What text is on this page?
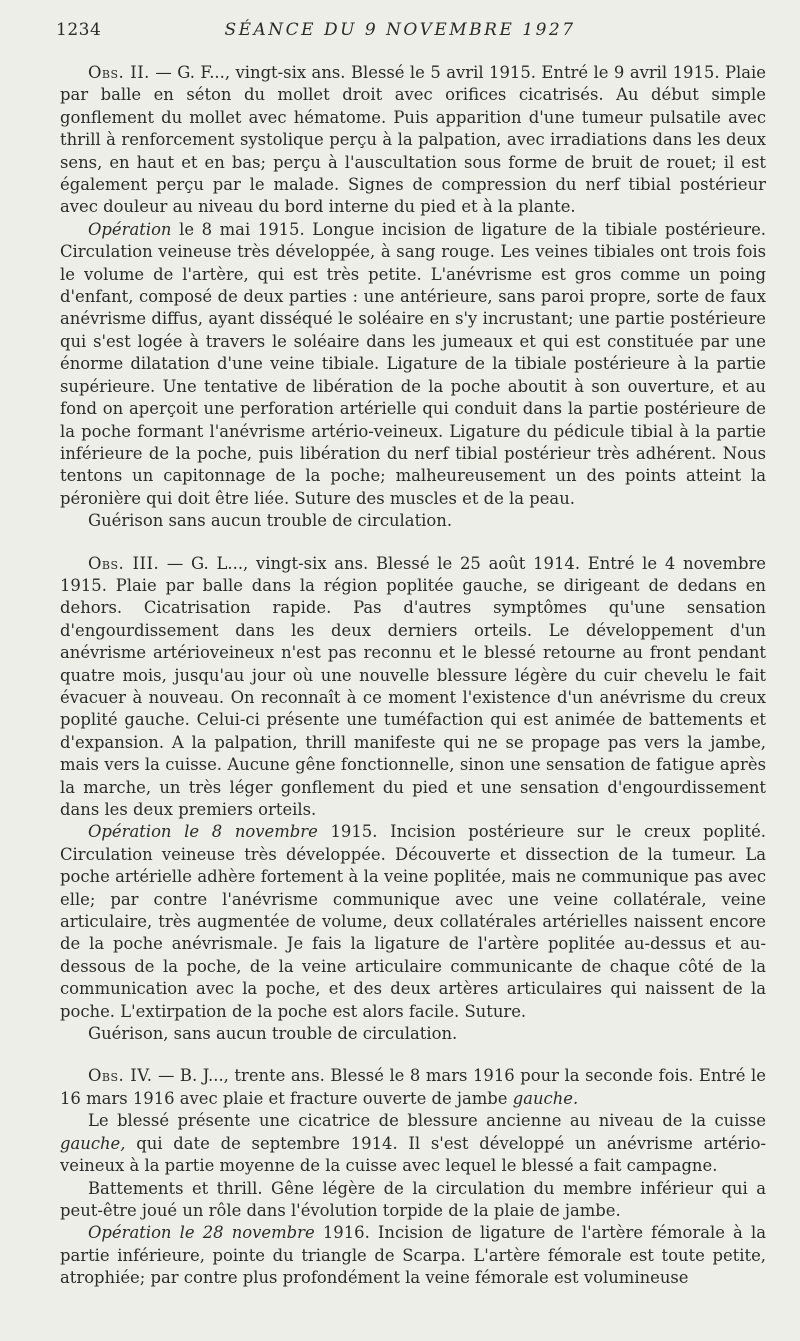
1234	SÉANCE DU 9 NOVEMBRE 1927

Obs. II. — G. F..., vingt-six ans. Blessé le 5 avril 1915. Entré le 9 avril 1915. Plaie par balle en séton du mollet droit avec orifices cicatrisés. Au début simple gonflement du mollet avec hématome. Puis apparition d'une tumeur pulsatile avec thrill à renforcement systolique perçu à la palpation, avec irradiations dans les deux sens, en haut et en bas; perçu à l'auscultation sous forme de bruit de rouet; il est également perçu par le malade. Signes de compression du nerf tibial postérieur avec douleur au niveau du bord interne du pied et à la plante.

Opération le 8 mai 1915. Longue incision de ligature de la tibiale postérieure. Circulation veineuse très développée, à sang rouge. Les veines tibiales ont trois fois le volume de l'artère, qui est très petite. L'anévrisme est gros comme un poing d'enfant, composé de deux parties : une antérieure, sans paroi propre, sorte de faux anévrisme diffus, ayant disséqué le soléaire en s'y incrustant; une partie postérieure qui s'est logée à travers le soléaire dans les jumeaux et qui est constituée par une énorme dilatation d'une veine tibiale. Ligature de la tibiale postérieure à la partie supérieure. Une tentative de libération de la poche aboutit à son ouverture, et au fond on aperçoit une perforation artérielle qui conduit dans la partie postérieure de la poche formant l'anévrisme artério-veineux. Ligature du pédicule tibial à la partie inférieure de la poche, puis libération du nerf tibial postérieur très adhérent. Nous tentons un capitonnage de la poche; malheureusement un des points atteint la péronière qui doit être liée. Suture des muscles et de la peau.

Guérison sans aucun trouble de circulation.

Obs. III. — G. L..., vingt-six ans. Blessé le 25 août 1914. Entré le 4 novembre 1915. Plaie par balle dans la région poplitée gauche, se dirigeant de dedans en dehors. Cicatrisation rapide. Pas d'autres symptômes qu'une sensation d'engourdissement dans les deux derniers orteils. Le développement d'un anévrisme artérioveineux n'est pas reconnu et le blessé retourne au front pendant quatre mois, jusqu'au jour où une nouvelle blessure légère du cuir chevelu le fait évacuer à nouveau. On reconnaît à ce moment l'existence d'un anévrisme du creux poplité gauche. Celui-ci présente une tuméfaction qui est animée de battements et d'expansion. A la palpation, thrill manifeste qui ne se propage pas vers la jambe, mais vers la cuisse. Aucune gêne fonctionnelle, sinon une sensation de fatigue après la marche, un très léger gonflement du pied et une sensation d'engourdissement dans les deux premiers orteils.

Opération le 8 novembre 1915. Incision postérieure sur le creux poplité. Circulation veineuse très développée. Découverte et dissection de la tumeur. La poche artérielle adhère fortement à la veine poplitée, mais ne communique pas avec elle; par contre l'anévrisme communique avec une veine collatérale, veine articulaire, très augmentée de volume, deux collatérales artérielles naissent encore de la poche anévrismale. Je fais la ligature de l'artère poplitée au-dessus et au-dessous de la poche, de la veine articulaire communicante de chaque côté de la communication avec la poche, et des deux artères articulaires qui naissent de la poche. L'extirpation de la poche est alors facile. Suture.

Guérison, sans aucun trouble de circulation.

Obs. IV. — B. J..., trente ans. Blessé le 8 mars 1916 pour la seconde fois. Entré le 16 mars 1916 avec plaie et fracture ouverte de jambe gauche.

Le blessé présente une cicatrice de blessure ancienne au niveau de la cuisse gauche, qui date de septembre 1914. Il s'est développé un anévrisme artério-veineux à la partie moyenne de la cuisse avec lequel le blessé a fait campagne.

Battements et thrill. Gêne légère de la circulation du membre inférieur qui a peut-être joué un rôle dans l'évolution torpide de la plaie de jambe.

Opération le 28 novembre 1916. Incision de ligature de l'artère fémorale à la partie inférieure, pointe du triangle de Scarpa. L'artère fémorale est toute petite, atrophiée; par contre plus profondément la veine fémorale est volumineuse
